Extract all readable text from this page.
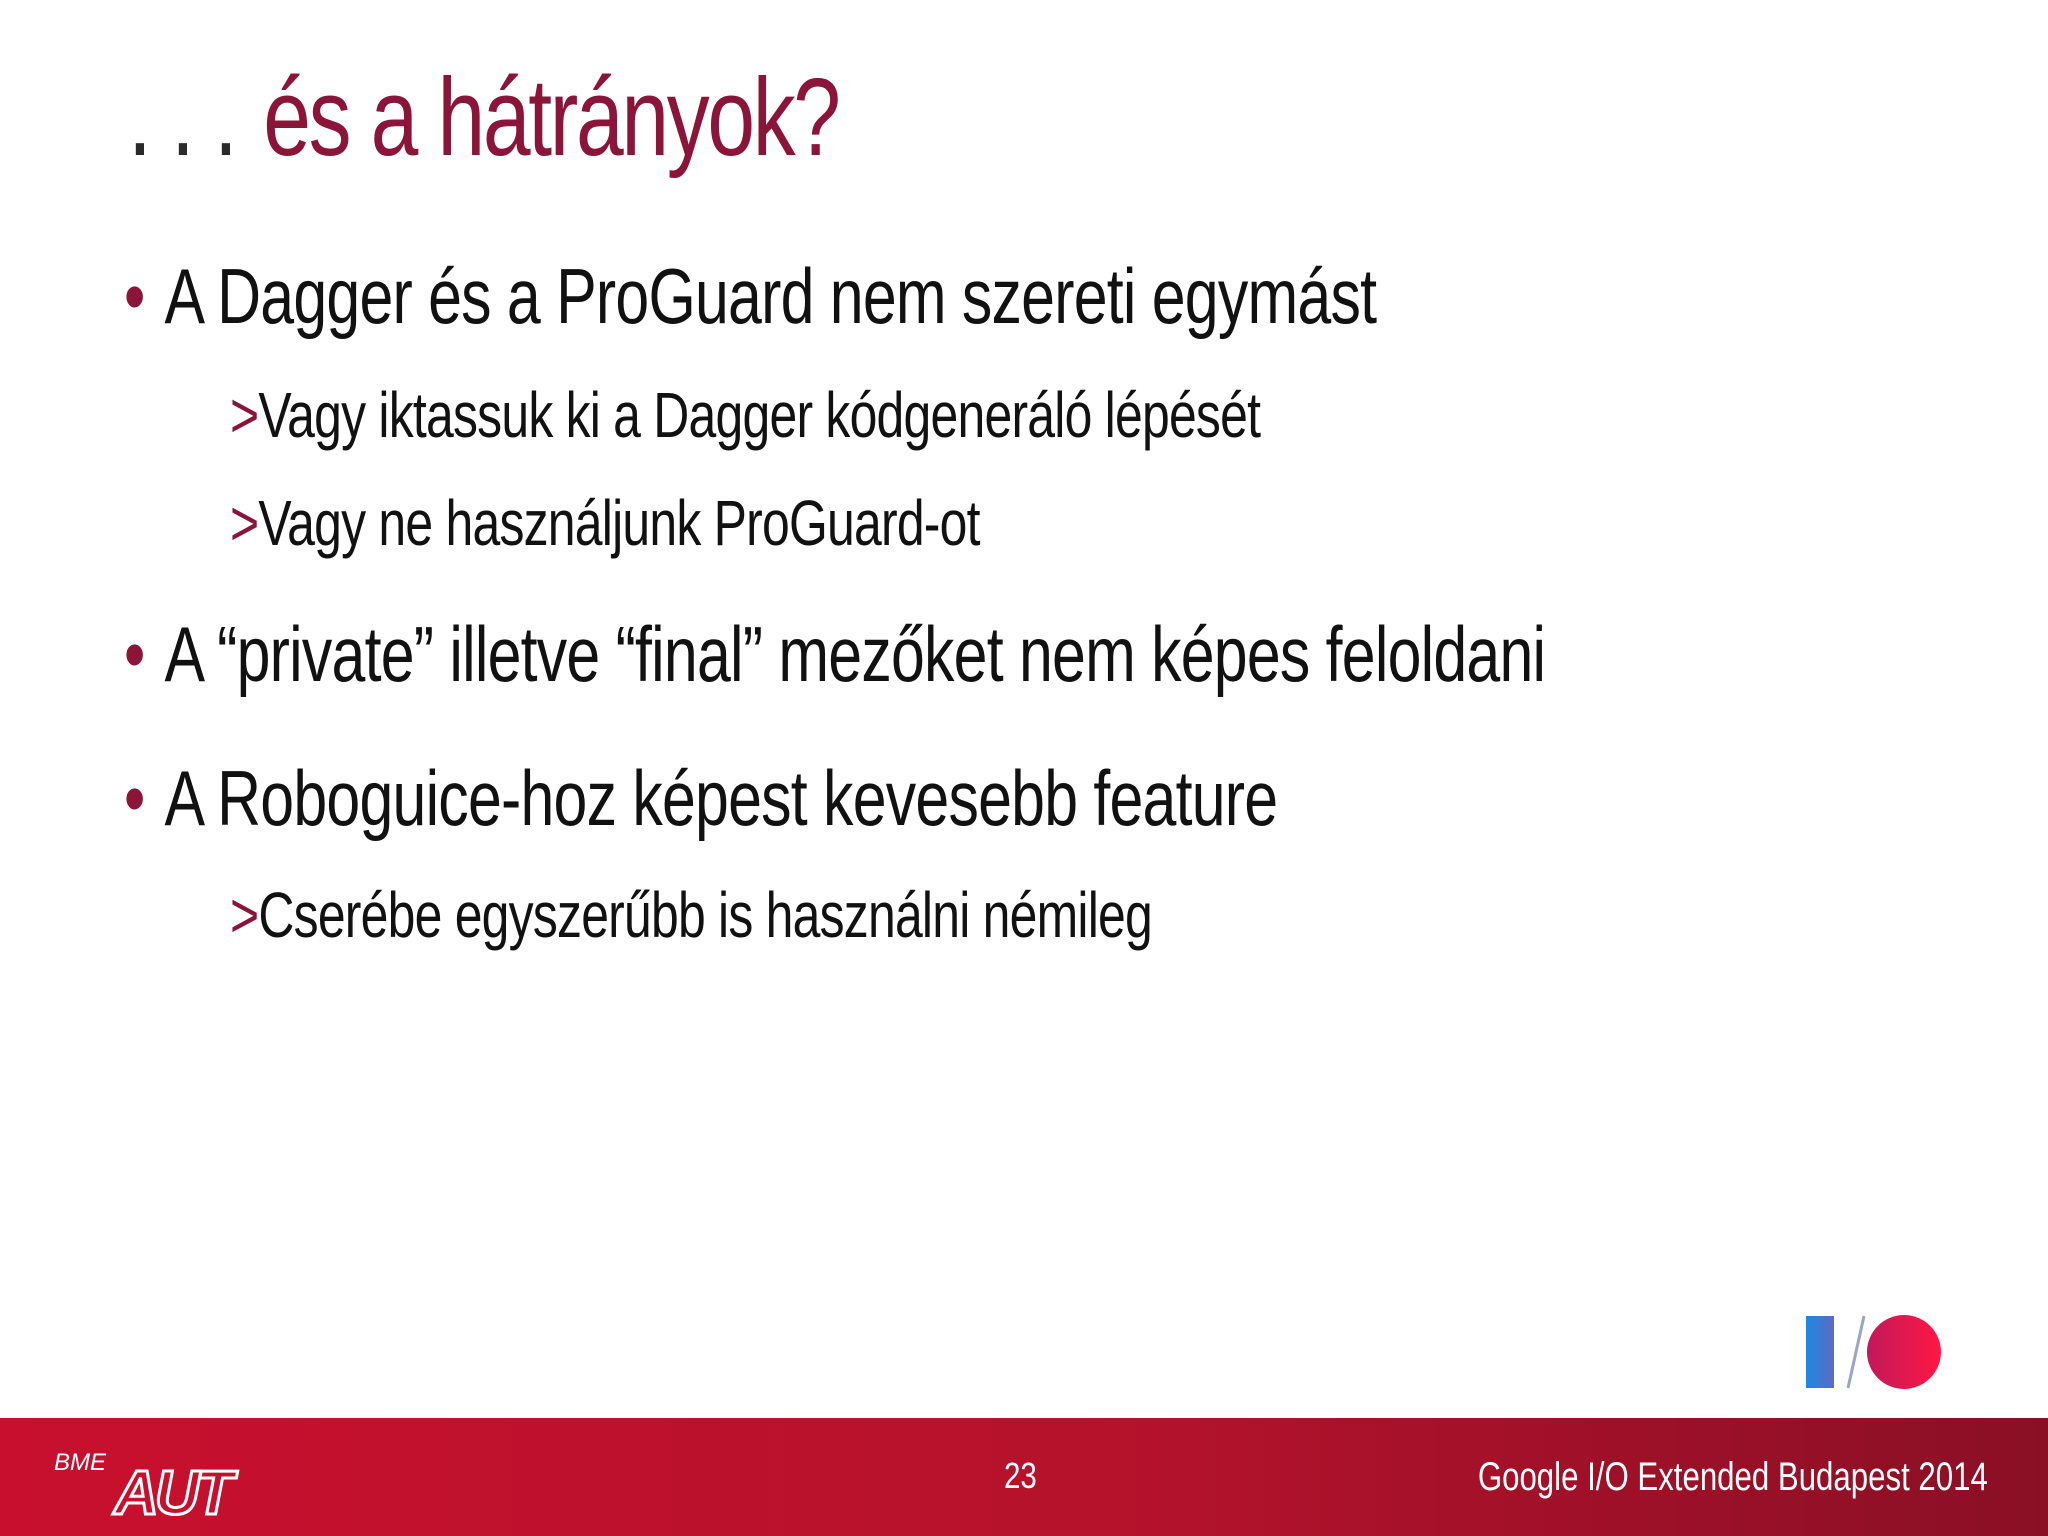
. . . és a hátrányok?
• A Dagger és a ProGuard nem szereti egymást
>Vagy iktassuk ki a Dagger kódgeneráló lépését
>Vagy ne használjunk ProGuard-ot
• A “private” illetve “final” mezőket nem képes feloldani
• A Roboguice-hoz képest kevesebb feature
>Cserébe egyszerűbb is használni némileg
BME AUT	23	Google I/O Extended Budapest 2014
